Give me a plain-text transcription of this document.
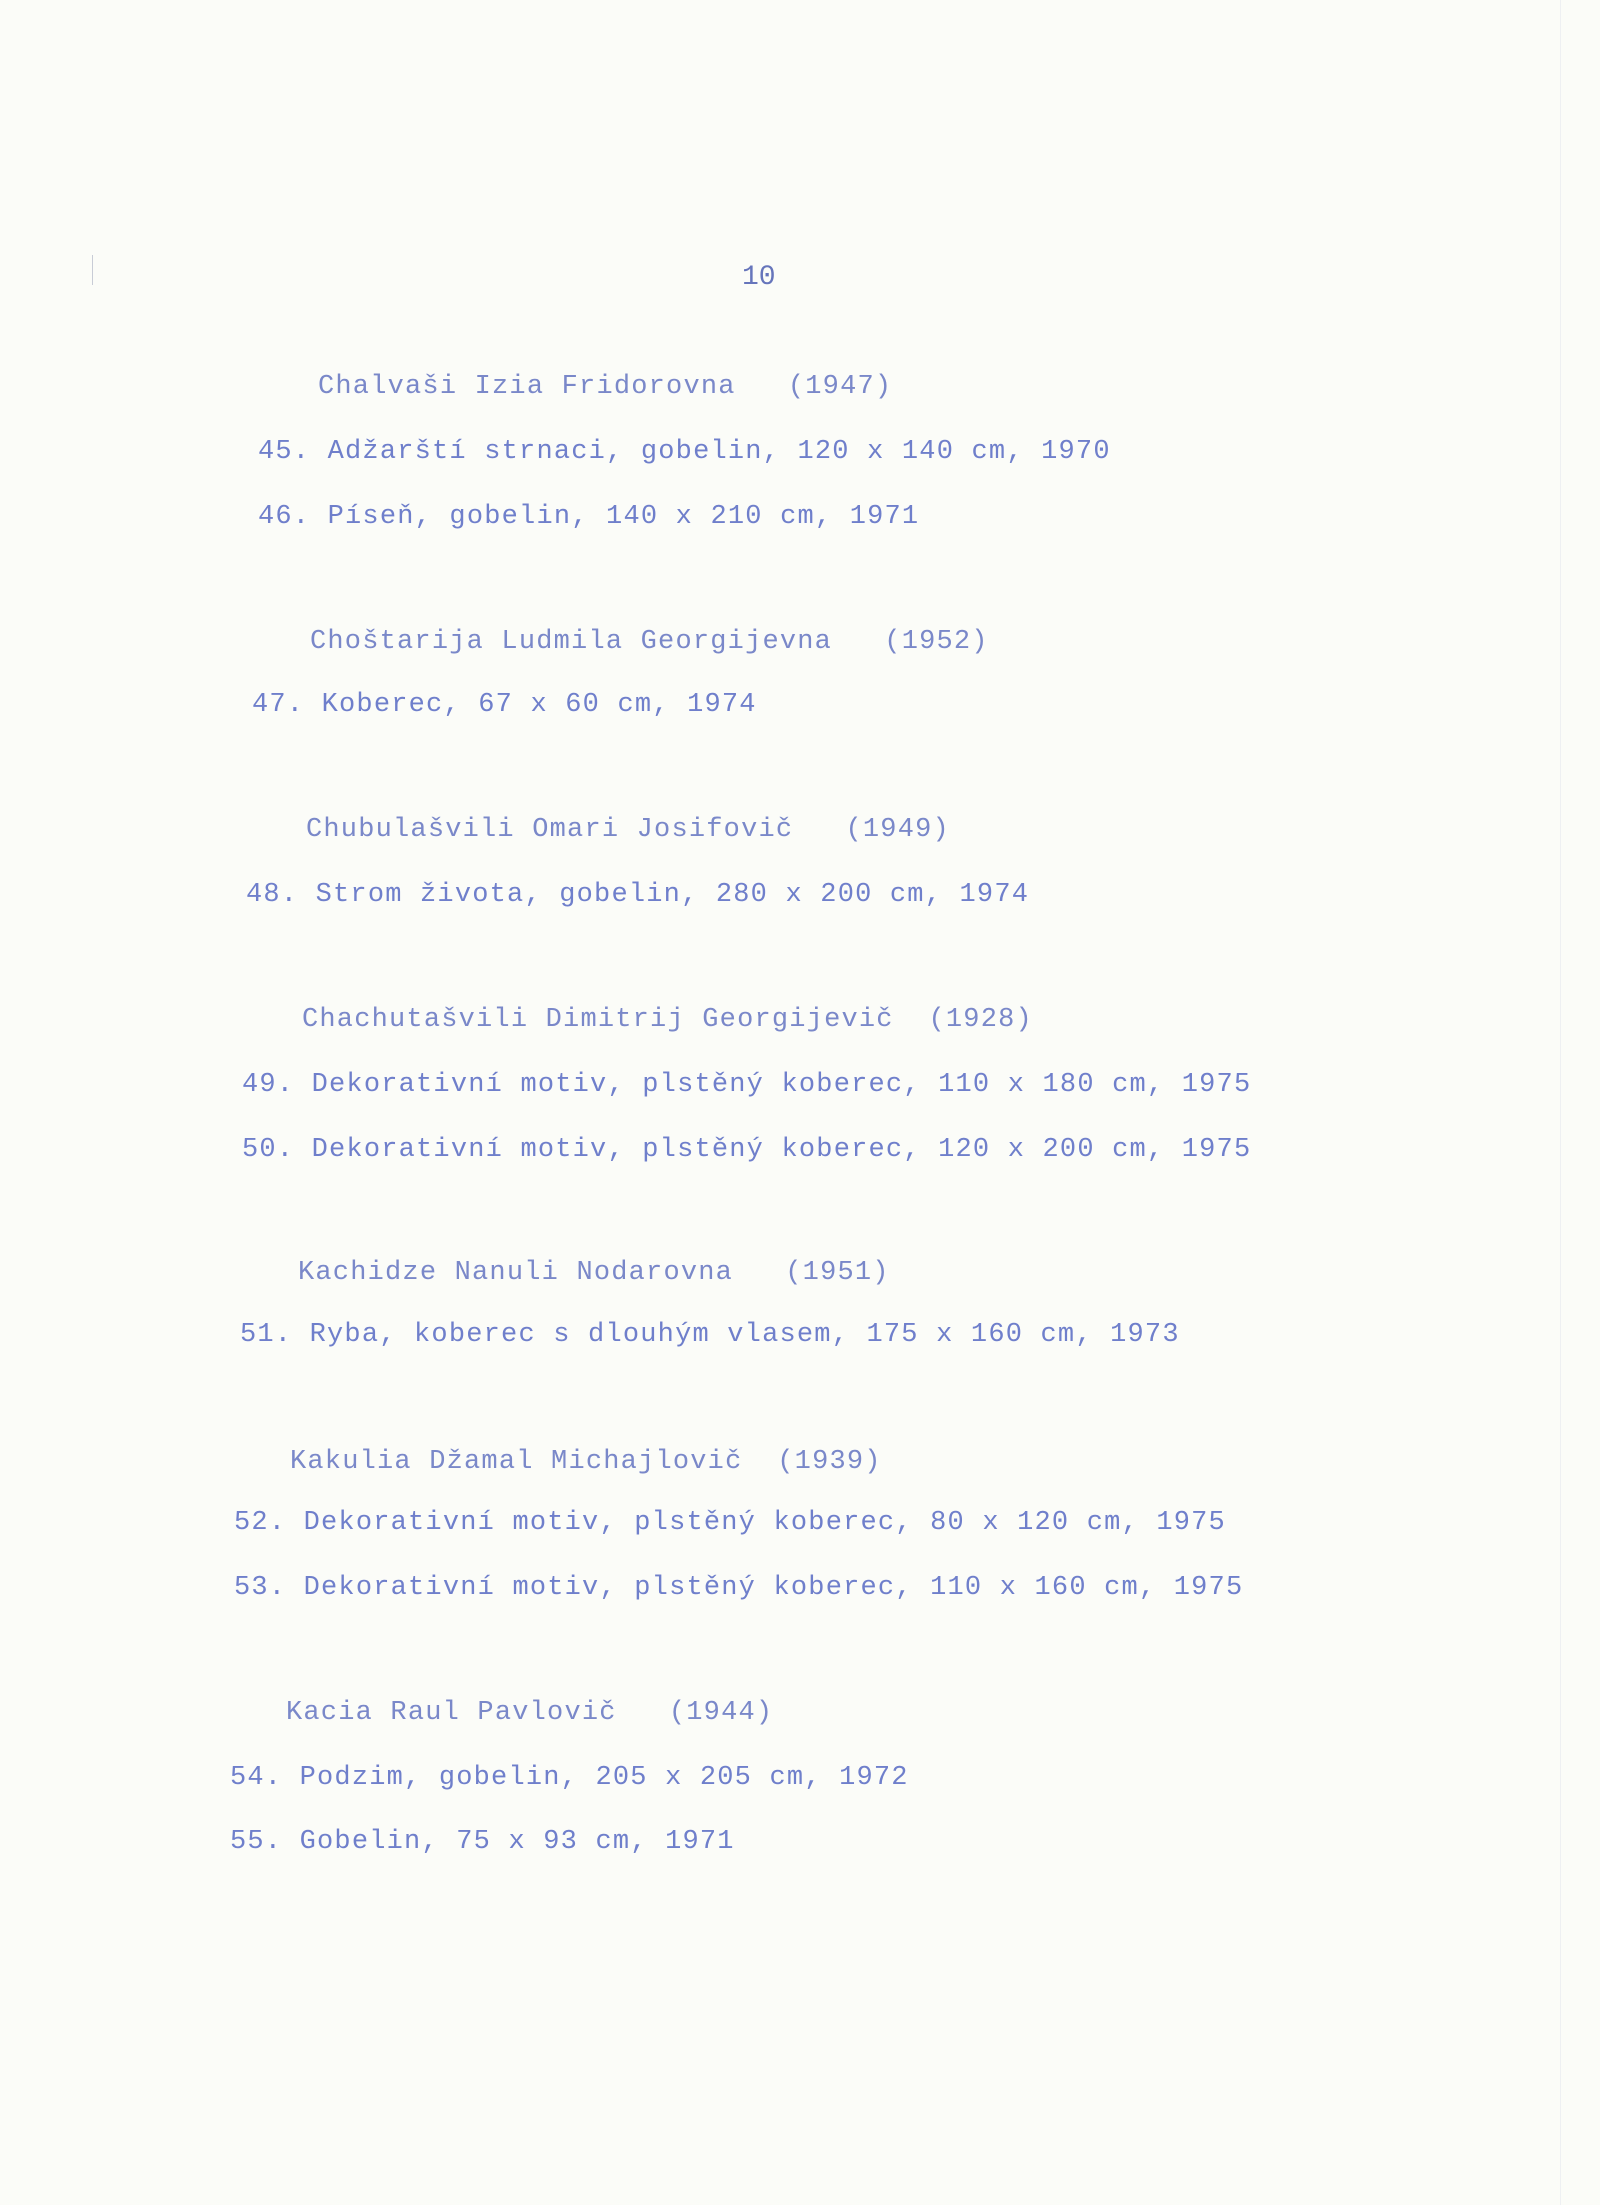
10
Chalvaši Izia Fridorovna   (1947)
45. Adžarští strnaci, gobelin, 120 x 140 cm, 1970
46. Píseň, gobelin, 140 x 210 cm, 1971
Choštarija Ludmila Georgijevna   (1952)
47. Koberec, 67 x 60 cm, 1974
Chubulašvili Omari Josifovič   (1949)
48. Strom života, gobelin, 280 x 200 cm, 1974
Chachutašvili Dimitrij Georgijevič  (1928)
49. Dekorativní motiv, plstěný koberec, 110 x 180 cm, 1975
50. Dekorativní motiv, plstěný koberec, 120 x 200 cm, 1975
Kachidze Nanuli Nodarovna   (1951)
51. Ryba, koberec s dlouhým vlasem, 175 x 160 cm, 1973
Kakulia Džamal Michajlovič  (1939)
52. Dekorativní motiv, plstěný koberec, 80 x 120 cm, 1975
53. Dekorativní motiv, plstěný koberec, 110 x 160 cm, 1975
Kacia Raul Pavlovič   (1944)
54. Podzim, gobelin, 205 x 205 cm, 1972
55. Gobelin, 75 x 93 cm, 1971
